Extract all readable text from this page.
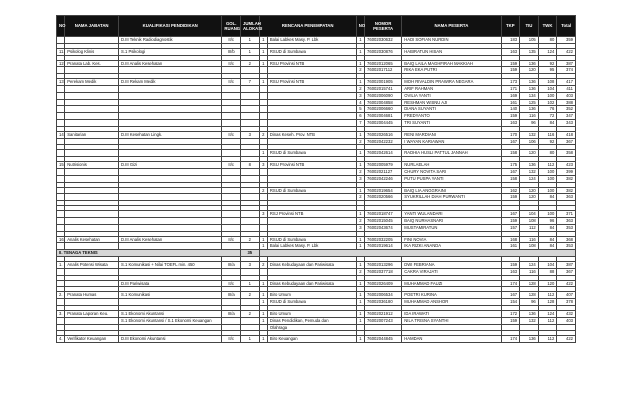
NO	NAMA JABATAN	KUALIFIKASI PENDIDIKAN	GOL. RUANG	JUMLAH ALOKASI	RENCANA PENEMPATAN		NO	NOMOR PESERTA	NAMA PESERTA	TKP	TIU	TWK	Total
		D.III Teknik Radiodiagnostik	II/c	1	1	Balai Labkes Masy. P. Lbk	1	76002030632	HADI SOFIAN NURDIN	183	105	80	359

11.	Psikolog Klinis	S.1 Psikologi	III/b	1	1	RSUD di Sumbawa	1	76002030876	HABIRATUN HISAN	163	135	124	422

12.	Pranata Lab. Kes.	D.III Analis Kesehatan	II/c	2	1	RSU Provinsi NTB	1	76002012065	BAIQ LAILA MAGHFIRAH MAKKIAH	159	136	92	387
							2	76002017112	RIKA EKA PUTRI	159	120	95	374

13.	Perekam Medik	D.III Rekam Medik	II/c	7	1	RSU Provinsi NTB	1	76002001905	MOH RIVALDIN PRAWIRA NEGARA	173	136	108	417
							2	76002015741	ARIF RAHMAN	171	136	104	411
							3	76002006090	OVILIA YANTI	169	134	100	403
							4	76002004858	RESHMAN WISNU AJI	161	125	102	388
							5	76002006660	DIANA SUYANTI	140	136	76	352
							6	76002004681	FREDYANTO	159	116	72	347
							7	76002004445	TRI SUYANTI	163	96	84	343

14.	Sanitarian	D.III Kesehatan Lingk.	II/c	3	2	Dinas Keseh. Prov. NTB	1	76002026516	RENI MARDIANI	170	132	116	418
							2	76002042232	I WAYAN KARIAWAN	167	106	92	367

					1	RSUD di Sumbawa	1	76002042614	RADHIA HUSLI PATTUL JANNAH	158	120	80	358

15.	Nutrisionis	D.III Gizi	II/c	8	3	RSU Provinsi NTB	1	76002005979	NURLAELAH	175	136	112	423
							2	76002021127	CHURY NOVITA SARI	167	132	100	399
							3	76002042246	PUTU PUSPA YANTI	158	124	100	382

					2	RSUD di Sumbawa	1	76002019654	BAIQ LIA ANGGRAINI	162	120	100	382
							2	76002020566	SYUKRILLAH DIAH PURWANTI	159	120	84	363

					3	RSJ Provinsi NTB	1	76002018747	YANTI WULANDARI	167	104	100	371
							2	76002015045	BAIQ NURHASNARI	159	108	96	363
							3	76002043674	MUSTAMIRATUN	157	112	84	353

16.	Analis Kesehatan	D.III Analis Kesehatan	II/c	2	1	RSUD di Sumbawa	1	76002032205	FINI NOVIA	168	116	84	368
					1	Balai Labkes Masy. P. Lbk	1	76002019614	IKA RIZKI ANANDA	161	108	84	353
II. TENAGA TEKNIS				35									

1.	Analis Potensi Wisata	S.1 Komunikasi + Nilai TOEFL min. 450	III/a	3	2	Dinas Kebudayaan dan Pariwisata	1	76002013296	DWI FEBRIANA	159	124	104	387
							2	76002037718	CAKRA VIRAJATI	163	116	88	367

		D.III Pariwisata	II/c	1	1	Dinas Kebudayaan dan Pariwisata	1	76002026409	MUHAMMAD FAUZI	174	128	120	422

2.	Pranata Humas	S.1 Komunikasi	III/a	2	1	Biro Umum	1	76002006534	POETRI KURINA	167	128	112	407
					1	RSUD di Sumbawa	1	76002036180	MUHAMMAD ANSHOR	154	96	128	378

3.	Pranata Laporan Keu.	S.1 Ekonomi Akuntansi	III/a	2	1	Biro Umum	1	76002021912	IDA IRAWATI	172	136	124	432
		S.1 Ekonomi Akuntansi / S.1 Ekonomi Keuangan			1	Dinas Pendidikan, Pemuda dan	1	76002007243	NILA TRISNA SYANTHI	159	132	112	403
						Olahraga							

4.	Verifikator Keuangan	D.III Ekonomi Akuntansi	II/c	1	1	Biro Keuangan	1	76002044845	HAMDAN	174	136	112	422
